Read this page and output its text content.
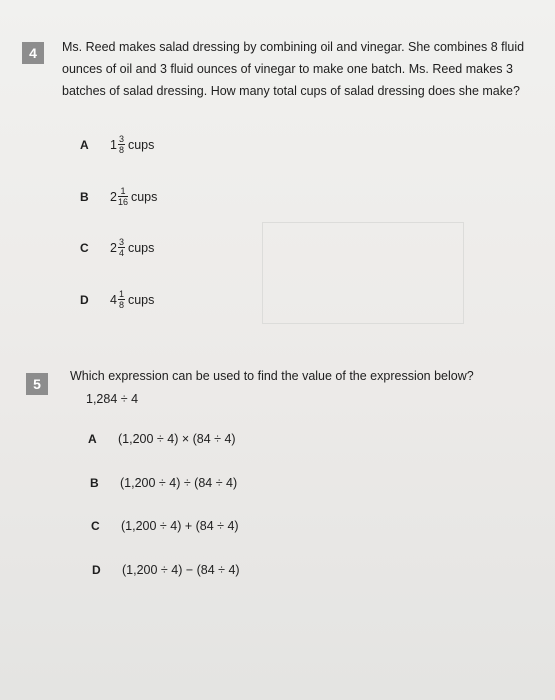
4	Ms. Reed makes salad dressing by combining oil and vinegar. She combines 8 fluid ounces of oil and 3 fluid ounces of vinegar to make one batch. Ms. Reed makes 3 batches of salad dressing. How many total cups of salad dressing does she make?
A	$1 \frac{3}{8}$ cups
B	$2 \frac{1}{16}$ cups
C	$2 \frac{3}{4}$ cups
D	$4 \frac{1}{8}$ cups
5	Which expression can be used to find the value of the expression below?
1,284 ÷ 4
A	(1,200 ÷ 4) × (84 ÷ 4)
B	(1,200 ÷ 4) ÷ (84 ÷ 4)
C	(1,200 ÷ 4) + (84 ÷ 4)
D	(1,200 ÷ 4) − (84 ÷ 4)
